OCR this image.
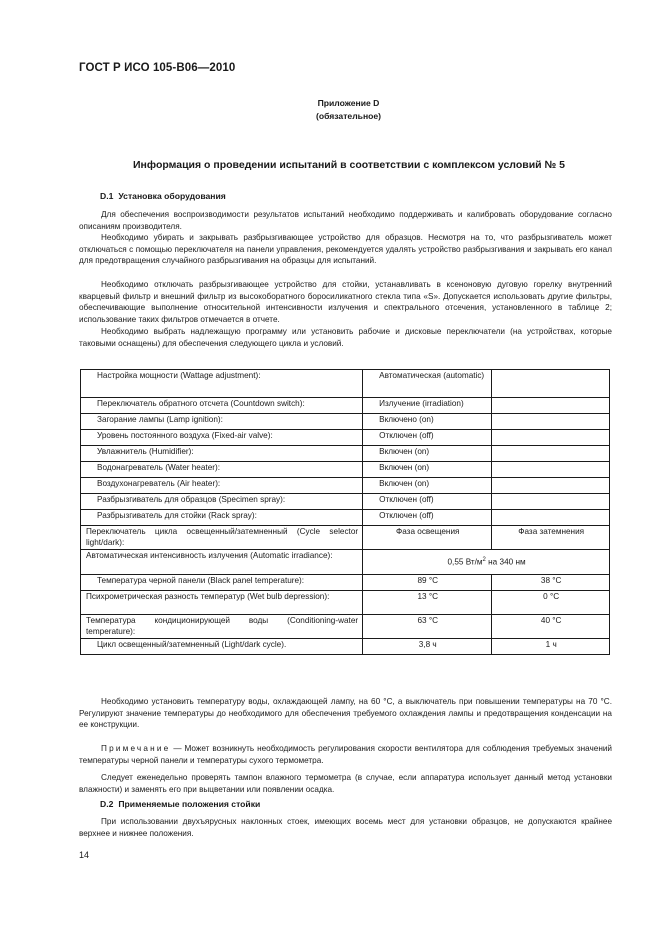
ГОСТ Р ИСО 105-В06—2010
Приложение D
(обязательное)
Информация о проведении испытаний в соответствии с комплексом условий № 5
D.1 Установка оборудования

Для обеспечения воспроизводимости результатов испытаний необходимо поддерживать и калибровать оборудование согласно описаниям производителя.

Необходимо убирать и закрывать разбрызгивающее устройство для образцов. Несмотря на то, что разбрызгиватель может отключаться с помощью переключателя на панели управления, рекомендуется удалять устройство разбрызгивания и закрывать его канал для предотвращения случайного разбрызгивания на образцы для испытаний.

Необходимо отключать разбрызгивающее устройство для стойки, устанавливать в ксеноновую дуговую горелку внутренний кварцевый фильтр и внешний фильтр из высокоборатного боросиликатного стекла типа «S». Допускается использовать другие фильтры, обеспечивающие выполнение относительной интенсивности излучения и спектрального отсечения, установленного в таблице 2; использование таких фильтров отмечается в отчете.

Необходимо выбрать надлежащую программу или установить рабочие и дисковые переключатели (на устройствах, которые таковыми оснащены) для обеспечения следующего цикла и условий.

Настройка мощности (Wattage adjustment):	Автоматическая (automatic)	
Переключатель обратного отсчета (Countdown switch):	Излучение (irradiation)	
Загорание лампы (Lamp ignition):	Включено (on)	
Уровень постоянного воздуха (Fixed-air valve):	Отключен (off)	
Увлажнитель (Humidifier):	Включен (on)	
Водонагреватель (Water heater):	Включен (on)	
Воздухонагреватель (Air heater):	Включен (on)	
Разбрызгиватель для образцов (Specimen spray):	Отключен (off)	
Разбрызгиватель для стойки (Rack spray):	Отключен (off)	
Переключатель цикла освещенный/затемненный (Cycle selector light/dark):	Фаза освещения	Фаза затемнения
Автоматическая интенсивность излучения (Automatic irradiance):	0,55 $Вт/м^2$ на 340 нм	
Температура черной панели (Black panel temperature):	89 °C	38 °C
Психрометрическая разность температур (Wet bulb depression):	13 °C	0 °C
Температура кондиционирующей воды (Conditioning-water temperature):	63 °C	40 °C
Цикл освещенный/затемненный (Light/dark cycle).	3,8 ч	1 ч

Необходимо установить температуру воды, охлаждающей лампу, на 60 °C, а выключатель при повышении температуры на 70 °C. Регулируют значение температуры до необходимого для обеспечения требуемого охлаждения лампы и предотвращения конденсации на ее конструкции.

Примечание — Может возникнуть необходимость регулирования скорости вентилятора для соблюдения требуемых значений температуры черной панели и температуры сухого термометра.

Следует еженедельно проверять тампон влажного термометра (в случае, если аппаратура использует данный метод установки влажности) и заменять его при выцветании или появлении осадка.

D.2 Применяемые положения стойки

При использовании двухъярусных наклонных стоек, имеющих восемь мест для установки образцов, не допускаются крайнее верхнее и нижнее положения.

14
